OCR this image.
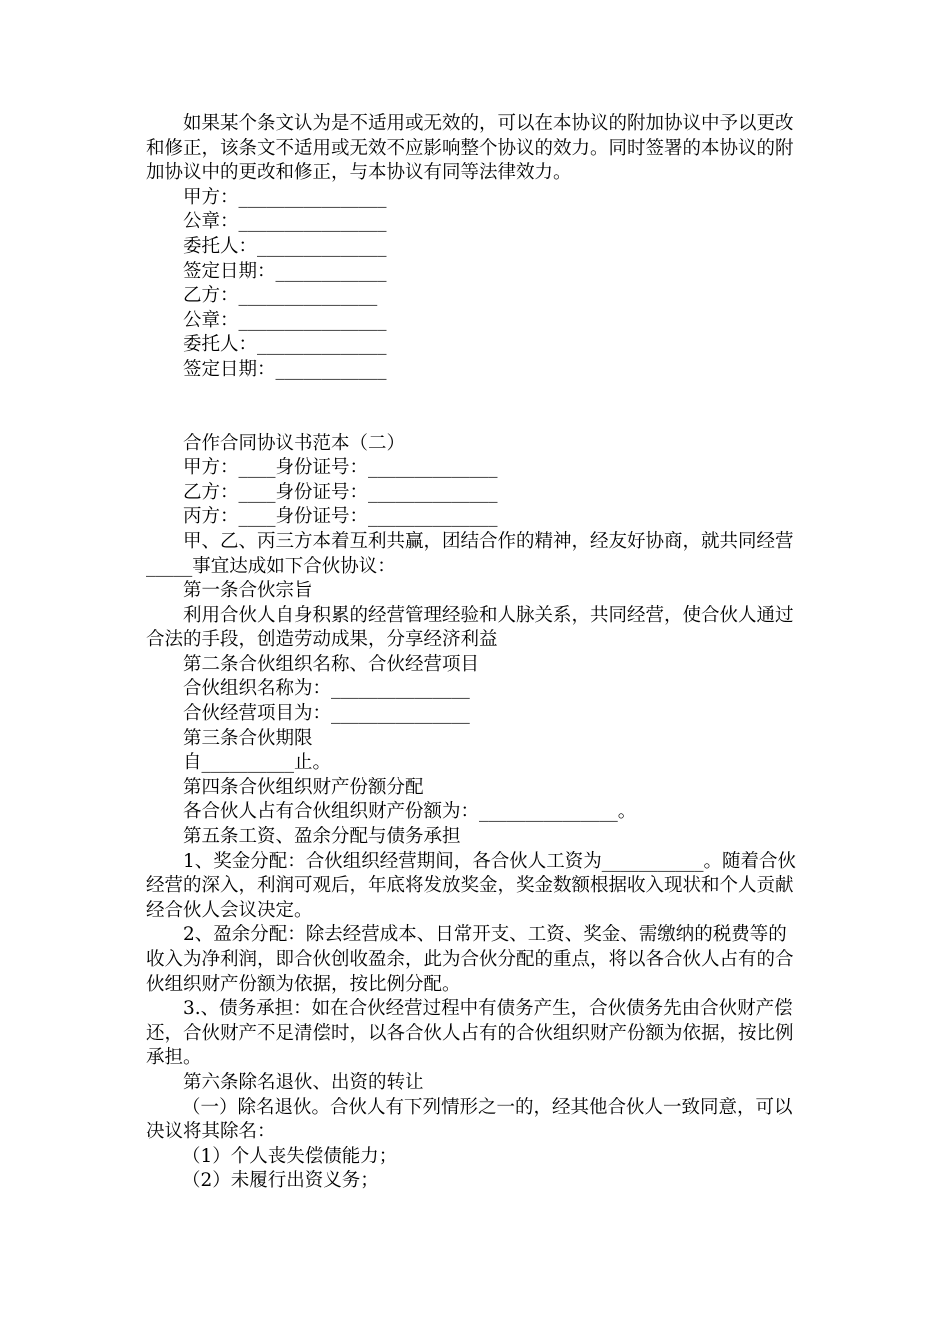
如果某个条文认为是不适用或无效的，可以在本协议的附加协议中予以更改
和修正，该条文不适用或无效不应影响整个协议的效力。同时签署的本协议的附
加协议中的更改和修正，与本协议有同等法律效力。
甲方：________________
公章：________________
委托人：______________
签定日期：____________
乙方：_______________
公章：________________
委托人：______________
签定日期：____________
合作合同协议书范本（二）
甲方：____身份证号：______________
乙方：____身份证号：______________
丙方：____身份证号：______________
甲、乙、丙三方本着互利共赢，团结合作的精神，经友好协商，就共同经营
_____事宜达成如下合伙协议：
第一条合伙宗旨
利用合伙人自身积累的经营管理经验和人脉关系，共同经营，使合伙人通过
合法的手段，创造劳动成果，分享经济利益
第二条合伙组织名称、合伙经营项目
合伙组织名称为：_______________
合伙经营项目为：_______________
第三条合伙期限
自__________止。
第四条合伙组织财产份额分配
各合伙人占有合伙组织财产份额为：_______________。
第五条工资、盈余分配与债务承担
1、奖金分配：合伙组织经营期间，各合伙人工资为___________。随着合伙
经营的深入，利润可观后，年底将发放奖金，奖金数额根据收入现状和个人贡献
经合伙人会议决定。
2、盈余分配：除去经营成本、日常开支、工资、奖金、需缴纳的税费等的
收入为净利润，即合伙创收盈余，此为合伙分配的重点，将以各合伙人占有的合
伙组织财产份额为依据，按比例分配。
3.、债务承担：如在合伙经营过程中有债务产生，合伙债务先由合伙财产偿
还，合伙财产不足清偿时，以各合伙人占有的合伙组织财产份额为依据，按比例
承担。
第六条除名退伙、出资的转让
（一）除名退伙。合伙人有下列情形之一的，经其他合伙人一致同意，可以
决议将其除名：
（1）个人丧失偿债能力；
（2）未履行出资义务；
